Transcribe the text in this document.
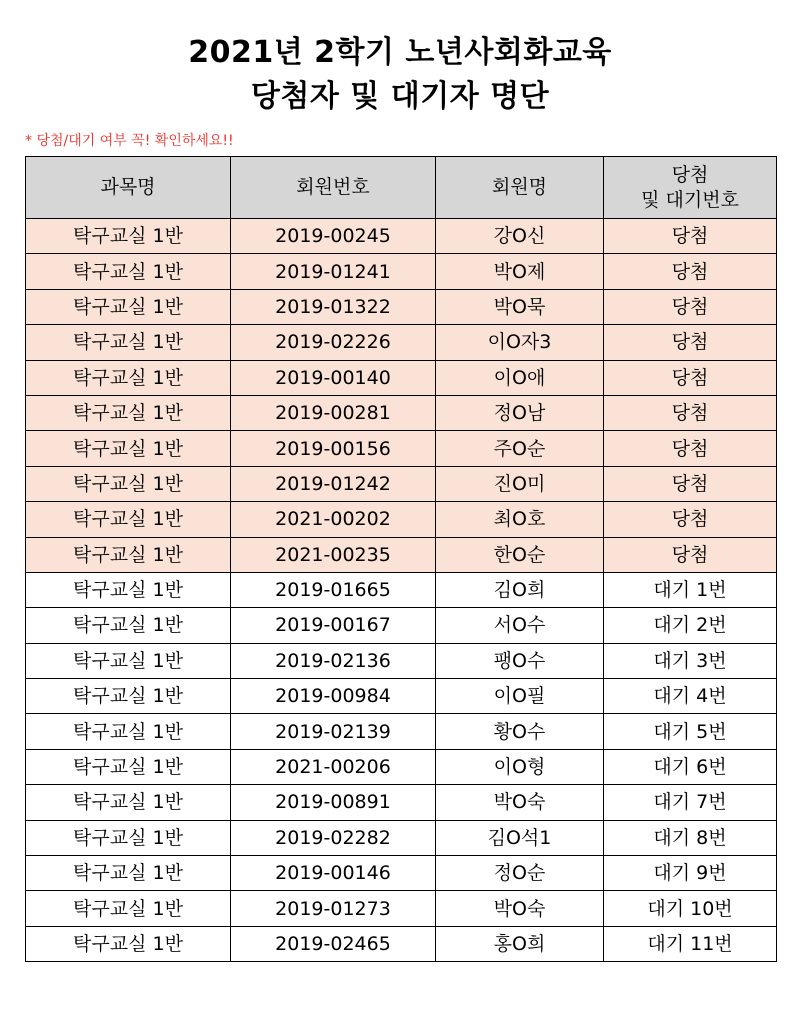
2021년 2학기 노년사회화교육
당첨자 및 대기자 명단
* 당첨/대기 여부 꼭! 확인하세요!!
과목명	회원번호	회원명	당첨
및 대기번호

탁구교실 1반	2019-00245	강O신	당첨
탁구교실 1반	2019-01241	박O제	당첨
탁구교실 1반	2019-01322	박O묵	당첨
탁구교실 1반	2019-02226	이O자3	당첨
탁구교실 1반	2019-00140	이O애	당첨
탁구교실 1반	2019-00281	정O남	당첨
탁구교실 1반	2019-00156	주O순	당첨
탁구교실 1반	2019-01242	진O미	당첨
탁구교실 1반	2021-00202	최O호	당첨
탁구교실 1반	2021-00235	한O순	당첨
탁구교실 1반	2019-01665	김O희	대기 1번
탁구교실 1반	2019-00167	서O수	대기 2번
탁구교실 1반	2019-02136	팽O수	대기 3번
탁구교실 1반	2019-00984	이O필	대기 4번
탁구교실 1반	2019-02139	황O수	대기 5번
탁구교실 1반	2021-00206	이O형	대기 6번
탁구교실 1반	2019-00891	박O숙	대기 7번
탁구교실 1반	2019-02282	김O석1	대기 8번
탁구교실 1반	2019-00146	정O순	대기 9번
탁구교실 1반	2019-01273	박O숙	대기 10번
탁구교실 1반	2019-02465	홍O희	대기 11번
